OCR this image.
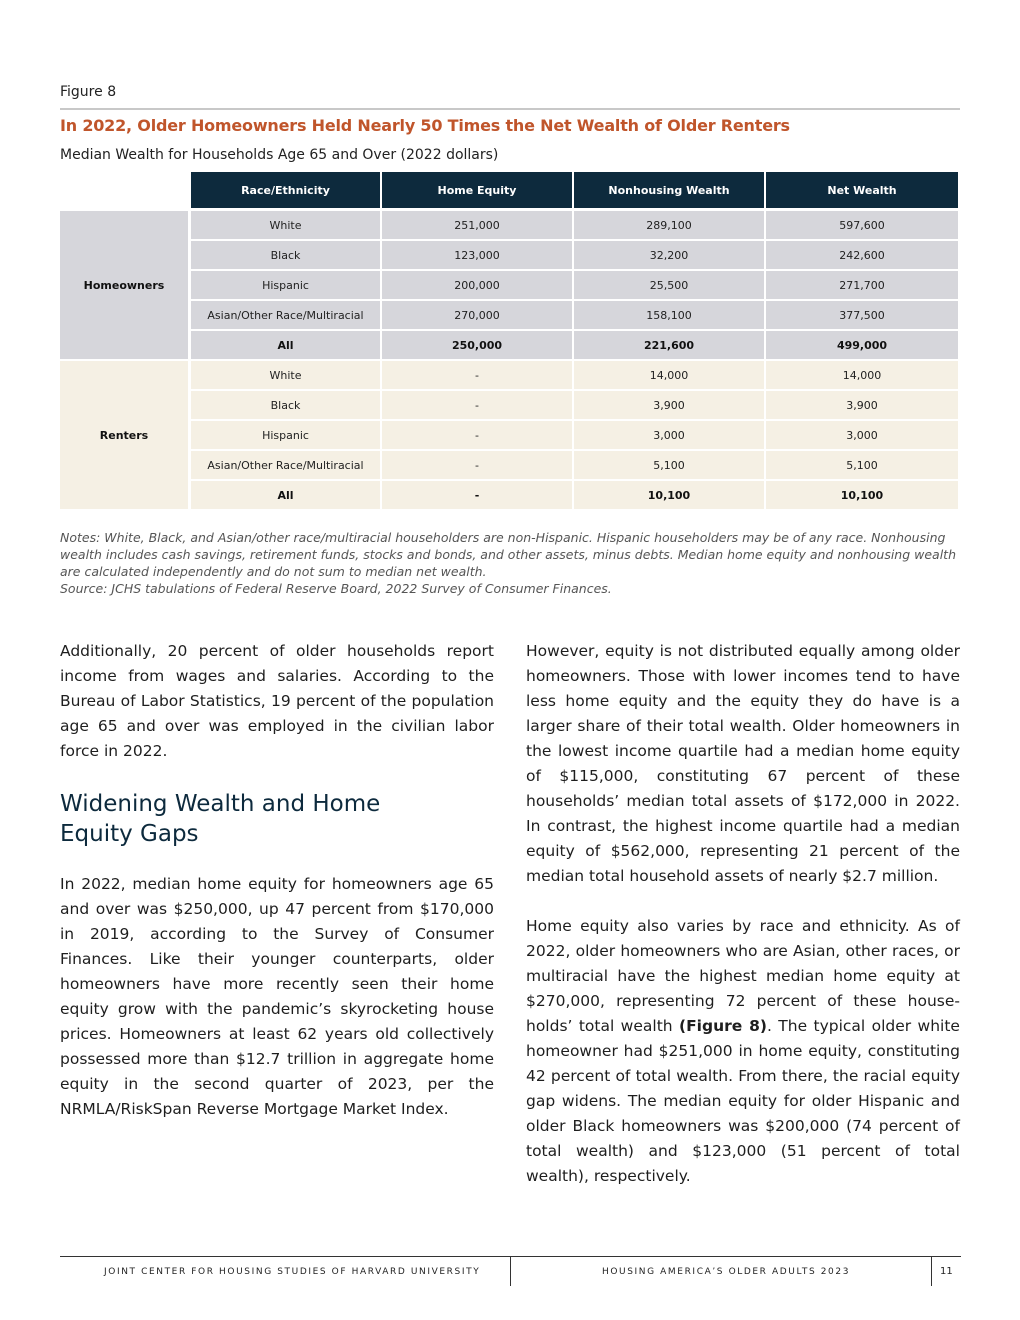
Figure 8
In 2022, Older Homeowners Held Nearly 50 Times the Net Wealth of Older Renters
Median Wealth for Households Age 65 and Over (2022 dollars)
Race/Ethnicity	Home Equity	Nonhousing Wealth	Net Wealth
Homeowners
White	251,000	289,100	597,600
Black	123,000	32,200	242,600
Hispanic	200,000	25,500	271,700
Asian/Other Race/Multiracial	270,000	158,100	377,500
All	250,000	221,600	499,000
Renters
White	-	14,000	14,000
Black	-	3,900	3,900
Hispanic	-	3,000	3,000
Asian/Other Race/Multiracial	-	5,100	5,100
All	-	10,100	10,100
Notes: White, Black, and Asian/other race/multiracial householders are non-Hispanic. Hispanic householders may be of any race. Nonhousing wealth includes cash savings, retirement funds, stocks and bonds, and other assets, minus debts. Median home equity and nonhousing wealth are calculated independently and do not sum to median net wealth.
Source: JCHS tabulations of Federal Reserve Board, 2022 Survey of Consumer Finances.

Additionally, 20 percent of older households report income from wages and salaries. According to the Bureau of Labor Statistics, 19 percent of the population age 65 and over was employed in the civilian labor force in 2022.

Widening Wealth and Home Equity Gaps

In 2022, median home equity for homeowners age 65 and over was $250,000, up 47 percent from $170,000 in 2019, according to the Survey of Consumer Finances. Like their younger counterparts, older homeowners have more recently seen their home equity grow with the pandemic’s skyrocketing house prices. Homeowners at least 62 years old collectively possessed more than $12.7 trillion in aggregate home equity in the second quarter of 2023, per the NRMLA/RiskSpan Reverse Mortgage Market Index.

However, equity is not distributed equally among older homeowners. Those with lower incomes tend to have less home equity and the equity they do have is a larger share of their total wealth. Older homeowners in the lowest income quartile had a median home equity of $115,000, constituting 67 percent of these households’ median total assets of $172,000 in 2022. In contrast, the highest income quartile had a median equity of $562,000, representing 21 percent of the median total household assets of nearly $2.7 million.

Home equity also varies by race and ethnicity. As of 2022, older homeowners who are Asian, other races, or multiracial have the highest median home equity at $270,000, representing 72 percent of these households’ total wealth (Figure 8). The typical older white homeowner had $251,000 in home equity, constituting 42 percent of total wealth. From there, the racial equity gap widens. The median equity for older Hispanic and older Black homeowners was $200,000 (74 percent of total wealth) and $123,000 (51 percent of total wealth), respectively.

JOINT CENTER FOR HOUSING STUDIES OF HARVARD UNIVERSITY	HOUSING AMERICA’S OLDER ADULTS 2023	11
